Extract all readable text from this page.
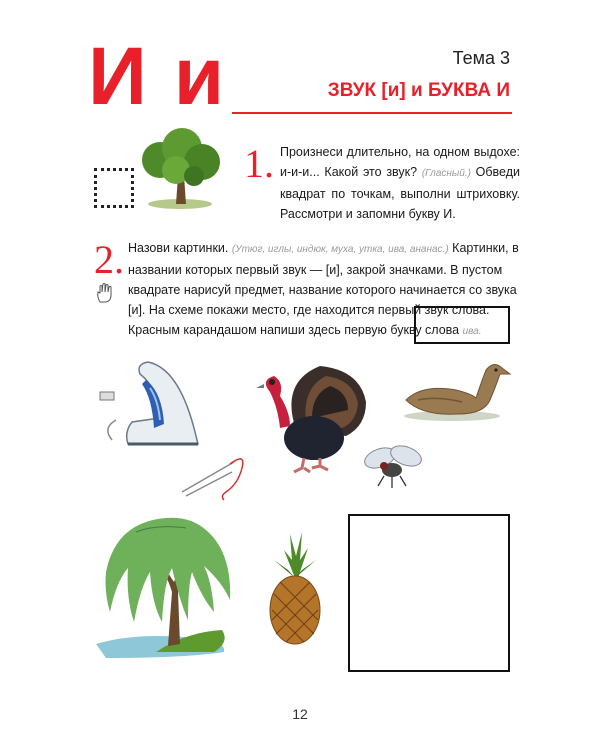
И и	Тема 3
ЗВУК [и] и БУКВА И
1. Произнеси длительно, на одном выдохе: и-и-и... Какой это звук? (Гласный.) Обведи квадрат по точкам, выполни штриховку. Рассмотри и запомни букву И.
2. Назови картинки. (Утюг, иглы, индюк, муха, утка, ива, ананас.) Картинки, в названии которых первый звук — [и], закрой значками. В пустом квадрате нарисуй предмет, название которого начинается со звука [и]. На схеме покажи место, где находится первый звук слова. Красным карандашом напиши здесь первую букву слова ива.
12
